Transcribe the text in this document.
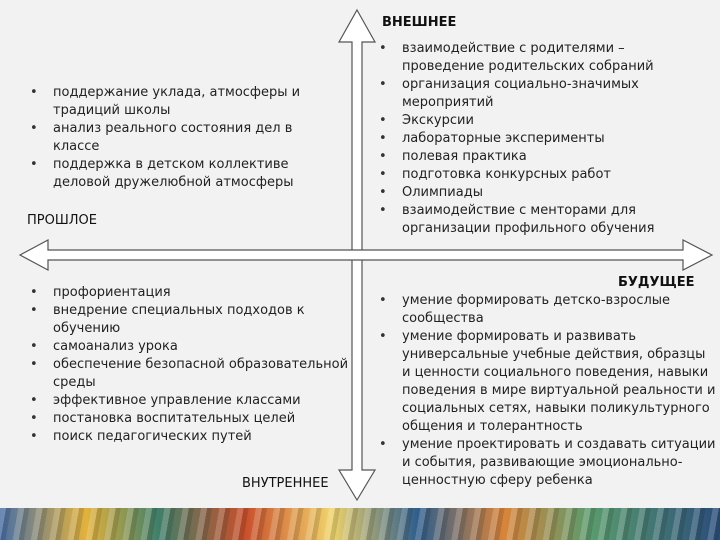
ВНЕШНЕЕ
БУДУЩЕЕ
ПРОШЛОЕ
ВНУТРЕННЕЕ
• поддержание уклада, атмосферы и традиций школы
• анализ реального состояния дел в классе
• поддержка в детском коллективе деловой дружелюбной атмосферы
• взаимодействие с родителями – проведение родительских собраний
• организация социально-значимых мероприятий
• Экскурсии
• лабораторные эксперименты
• полевая практика
• подготовка конкурсных работ
• Олимпиады
• взаимодействие с менторами для организации профильного обучения
• профориентация
• внедрение специальных подходов к обучению
• самоанализ урока
• обеспечение безопасной образовательной среды
• эффективное управление классами
• постановка воспитательных целей
• поиск педагогических путей
• умение формировать детско-взрослые сообщества
• умение формировать и развивать универсальные учебные действия, образцы и ценности социального поведения, навыки поведения в мире виртуальной реальности и социальных сетях, навыки поликультурного общения и толерантность
• умение проектировать и создавать ситуации и события, развивающие эмоционально-ценностную сферу ребенка
